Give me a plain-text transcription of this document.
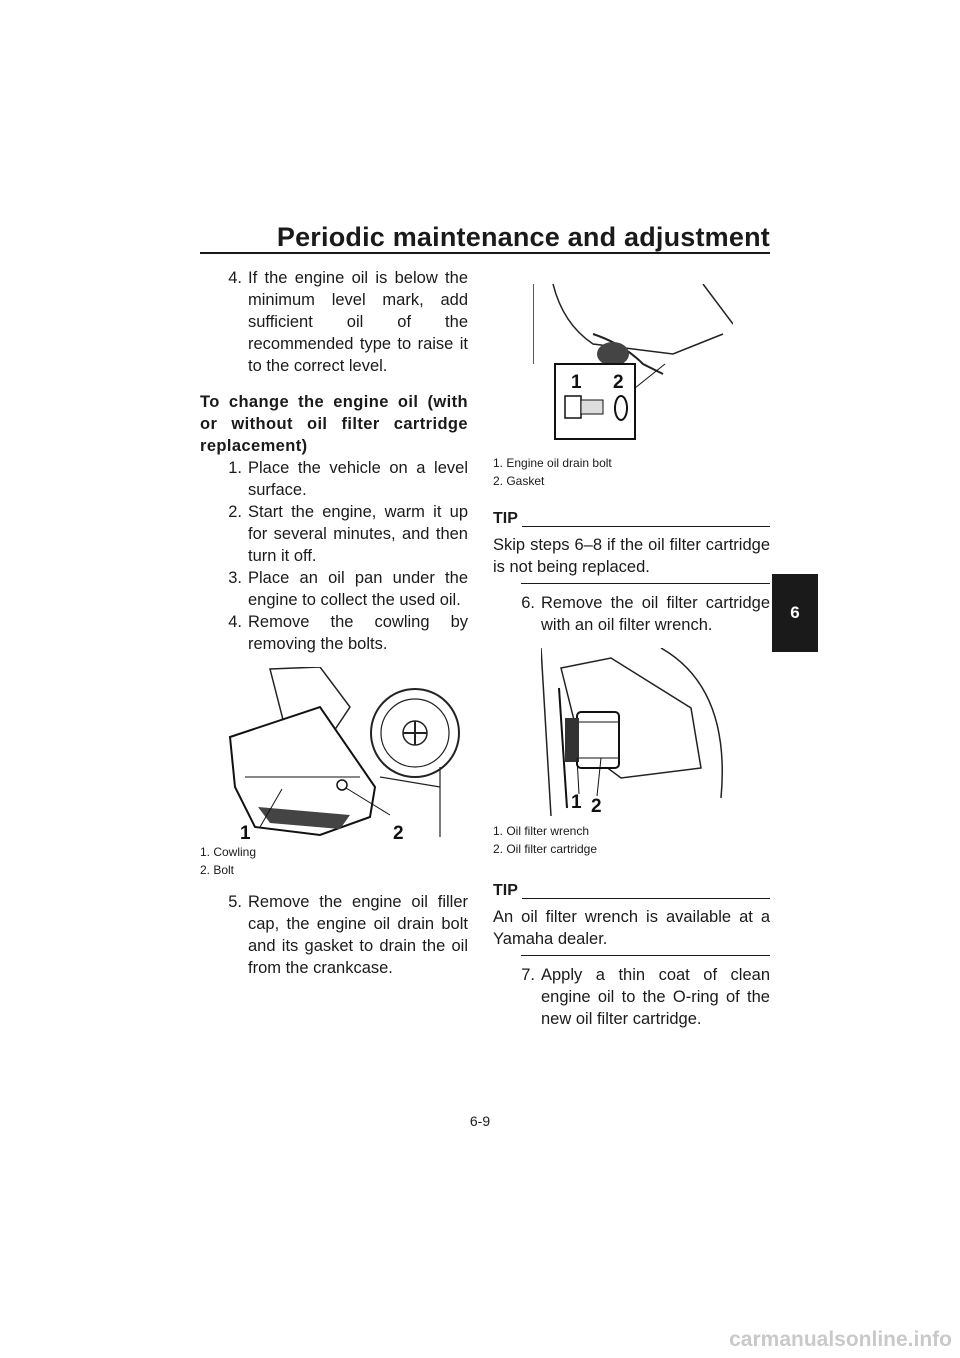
Periodic maintenance and adjustment
6
4. If the engine oil is below the minimum level mark, add sufficient oil of the recommended type to raise it to the correct level.

To change the engine oil (with or without oil filter cartridge replacement)

1. Place the vehicle on a level surface.
2. Start the engine, warm it up for several minutes, and then turn it off.
3. Place an oil pan under the engine to collect the used oil.
4. Remove the cowling by removing the bolts.
1	2

1. Cowling
2. Bolt

5. Remove the engine oil filler cap, the engine oil drain bolt and its gasket to drain the oil from the crankcase.
1 2

1. Engine oil drain bolt
2. Gasket

TIP

Skip steps 6–8 if the oil filter cartridge is not being replaced.

6. Remove the oil filter cartridge with an oil filter wrench.
1 2

1. Oil filter wrench
2. Oil filter cartridge

TIP

An oil filter wrench is available at a Yamaha dealer.

7. Apply a thin coat of clean engine oil to the O-ring of the new oil filter cartridge.
6-9
carmanualsonline.info
